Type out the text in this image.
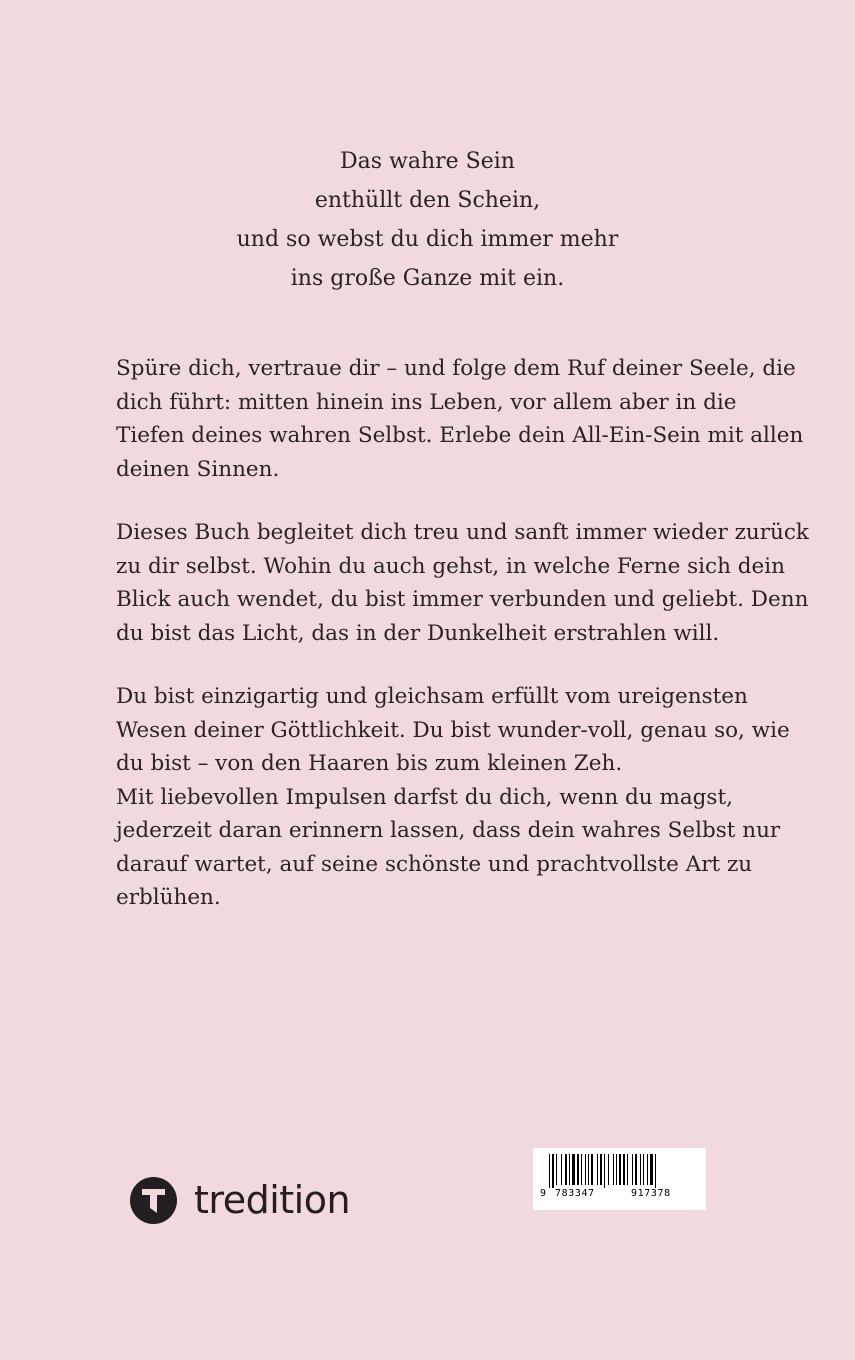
Das wahre Sein
enthüllt den Schein,
und so webst du dich immer mehr
ins große Ganze mit ein.

Spüre dich, vertraue dir – und folge dem Ruf deiner Seele, die
dich führt: mitten hinein ins Leben, vor allem aber in die
Tiefen deines wahren Selbst. Erlebe dein All-Ein-Sein mit allen
deinen Sinnen.

Dieses Buch begleitet dich treu und sanft immer wieder zurück
zu dir selbst. Wohin du auch gehst, in welche Ferne sich dein
Blick auch wendet, du bist immer verbunden und geliebt. Denn
du bist das Licht, das in der Dunkelheit erstrahlen will.

Du bist einzigartig und gleichsam erfüllt vom ureigensten
Wesen deiner Göttlichkeit. Du bist wunder-voll, genau so, wie
du bist – von den Haaren bis zum kleinen Zeh.
Mit liebevollen Impulsen darfst du dich, wenn du magst,
jederzeit daran erinnern lassen, dass dein wahres Selbst nur
darauf wartet, auf seine schönste und prachtvollste Art zu
erblühen.

tredition	9 783347	917378
